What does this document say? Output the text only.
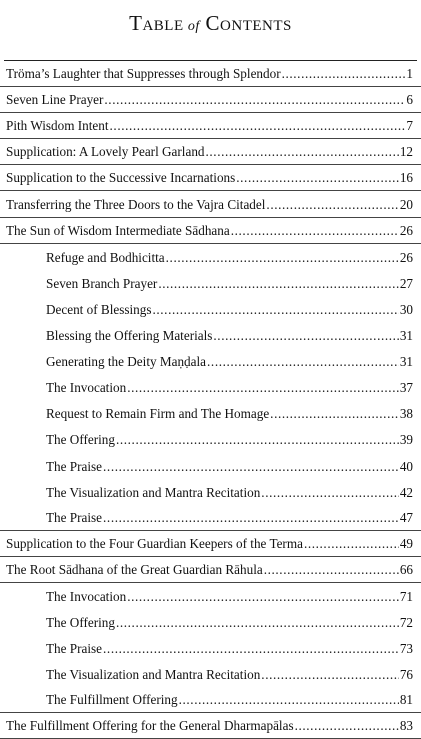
TABLE of CONTENTS
Tröma’s Laughter that Suppresses through Splendor .....	1
Seven Line Prayer .....	6
Pith Wisdom Intent .....	7
Supplication: A Lovely Pearl Garland .....	12
Supplication to the Successive Incarnations .....	16
Transferring the Three Doors to the Vajra Citadel .....	20
The Sun of Wisdom Intermediate Sādhana .....	26
Refuge and Bodhicitta .....	26
Seven Branch Prayer .....	27
Decent of Blessings .....	30
Blessing the Offering Materials .....	31
Generating the Deity Maṇḍala .....	31
The Invocation .....	37
Request to Remain Firm and The Homage .....	38
The Offering .....	39
The Praise .....	40
The Visualization and Mantra Recitation .....	42
The Praise .....	47
Supplication to the Four Guardian Keepers of the Terma .....	49
The Root Sādhana of the Great Guardian Rāhula .....	66
The Invocation .....	71
The Offering .....	72
The Praise .....	73
The Visualization and Mantra Recitation .....	76
The Fulfillment Offering .....	81
The Fulfillment Offering for the General Dharmapālas .....	83
